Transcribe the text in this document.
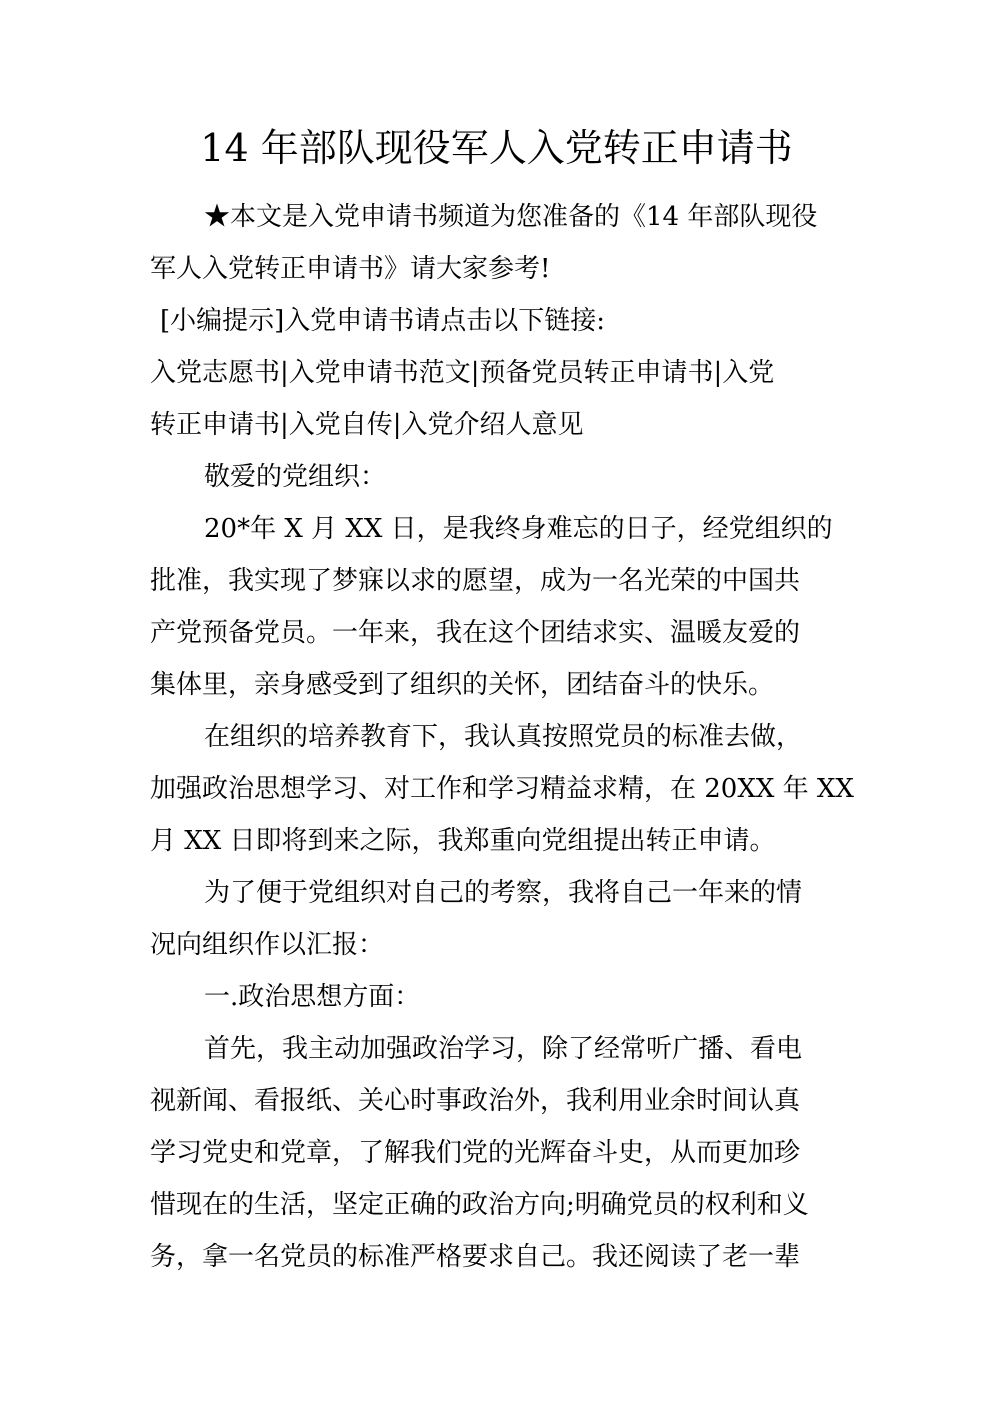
14 年部队现役军人入党转正申请书

★本文是入党申请书频道为您准备的《14 年部队现役

军人入党转正申请书》请大家参考!

[小编提示]入党申请书请点击以下链接:

入党志愿书|入党申请书范文|预备党员转正申请书|入党

转正申请书|入党自传|入党介绍人意见

敬爱的党组织：

20*年 X 月 XX 日，是我终身难忘的日子，经党组织的

批准，我实现了梦寐以求的愿望，成为一名光荣的中国共

产党预备党员。一年来，我在这个团结求实、温暖友爱的

集体里，亲身感受到了组织的关怀，团结奋斗的快乐。

在组织的培养教育下，我认真按照党员的标准去做，

加强政治思想学习、对工作和学习精益求精，在 20XX 年 XX

月 XX 日即将到来之际，我郑重向党组提出转正申请。

为了便于党组织对自己的考察，我将自己一年来的情

况向组织作以汇报：

一.政治思想方面：

首先，我主动加强政治学习，除了经常听广播、看电

视新闻、看报纸、关心时事政治外，我利用业余时间认真

学习党史和党章，了解我们党的光辉奋斗史，从而更加珍

惜现在的生活，坚定正确的政治方向;明确党员的权利和义

务，拿一名党员的标准严格要求自己。我还阅读了老一辈
